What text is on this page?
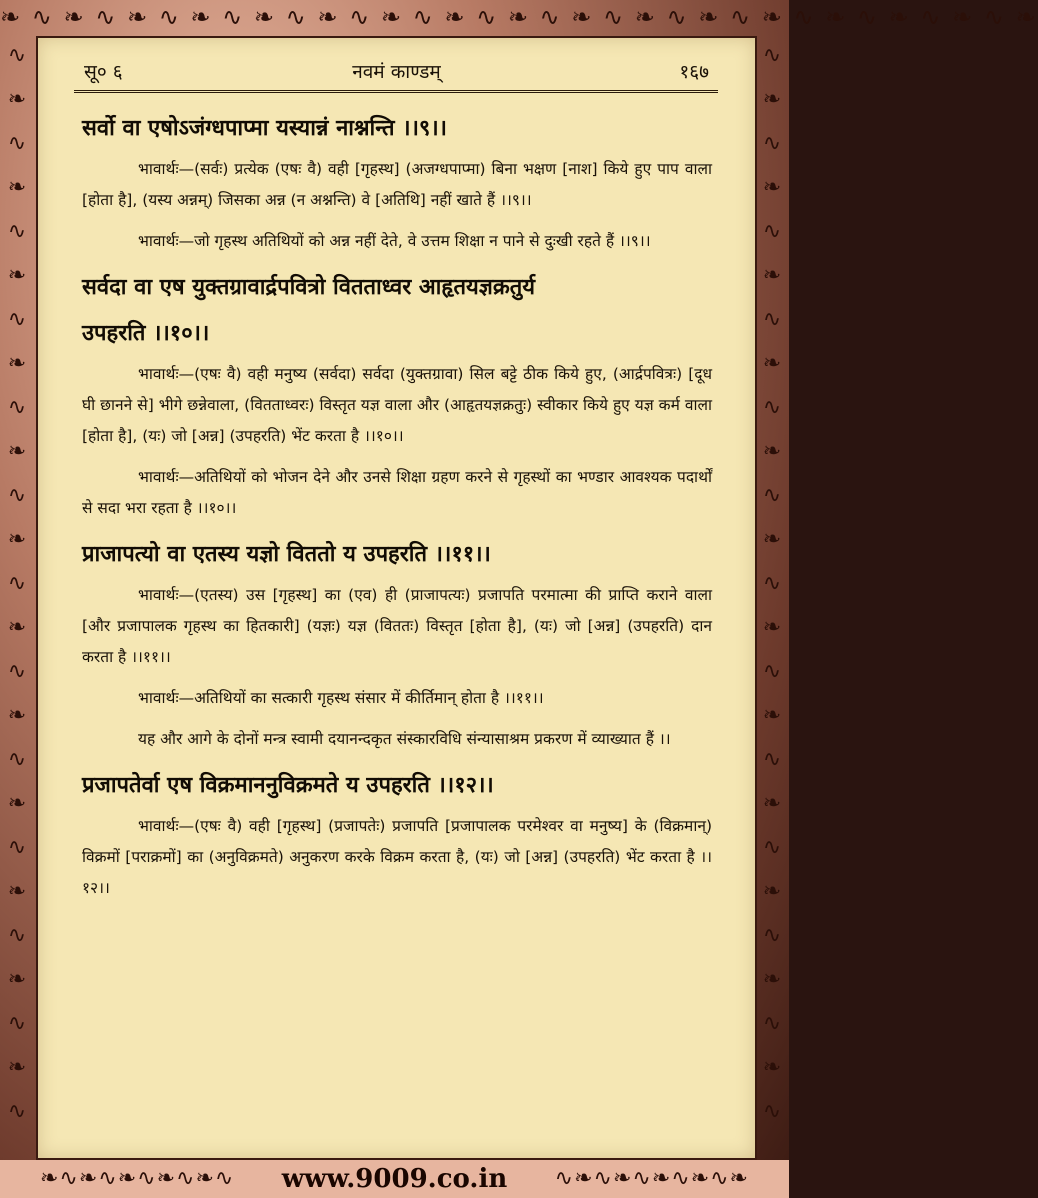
❧ ∿ ❧ ∿ ❧ ∿ ❧ ∿ ❧ ∿ ❧ ∿ ❧ ∿ ❧ ∿ ❧ ∿ ❧ ∿ ❧ ∿ ❧ ∿ ❧ ∿ ❧ ∿ ❧ ∿ ❧ ∿ ❧
∿
❧
∿
❧
∿
❧
∿
❧
∿
❧
∿
❧
∿
❧
∿
❧
∿
❧
∿
❧
∿
❧
∿
❧
∿
∿
❧
∿
❧
∿
❧
∿
❧
∿
❧
∿
❧
∿
❧
∿
❧
∿
❧
∿
❧
∿
❧
∿
❧
∿
सू० ६	नवमं काण्डम्	१६७
सर्वो वा एषोऽजंग्धपाप्मा यस्यान्नं नाश्नन्ति ।।९।।

भावार्थः—(सर्वः) प्रत्येक (एषः वै) वही [गृहस्थ] (अजग्धपाप्मा) बिना भक्षण [नाश] किये हुए पाप वाला [होता है], (यस्य अन्नम्) जिसका अन्न (न अश्नन्ति) वे [अतिथि] नहीं खाते हैं ।।९।।

भावार्थः—जो गृहस्थ अतिथियों को अन्न नहीं देते, वे उत्तम शिक्षा न पाने से दुःखी रहते हैं ।।९।।

सर्वदा वा एष युक्तग्रावार्द्रपवित्रो वितताध्वर आहृतयज्ञक्रतुर्य
उपहरति ।।१०।।

भावार्थः—(एषः वै) वही मनुष्य (सर्वदा) सर्वदा (युक्तग्रावा) सिल बट्टे ठीक किये हुए, (आर्द्रपवित्रः) [दूध घी छानने से] भीगे छन्नेवाला, (वितताध्वरः) विस्तृत यज्ञ वाला और (आहृतयज्ञक्रतुः) स्वीकार किये हुए यज्ञ कर्म वाला [होता है], (यः) जो [अन्न] (उपहरति) भेंट करता है ।।१०।।

भावार्थः—अतिथियों को भोजन देने और उनसे शिक्षा ग्रहण करने से गृहस्थों का भण्डार आवश्यक पदार्थों से सदा भरा रहता है ।।१०।।

प्राजापत्यो वा एतस्य यज्ञो विततो य उपहरति ।।११।।

भावार्थः—(एतस्य) उस [गृहस्थ] का (एव) ही (प्राजापत्यः) प्रजापति परमात्मा की प्राप्ति कराने वाला [और प्रजापालक गृहस्थ का हितकारी] (यज्ञः) यज्ञ (विततः) विस्तृत [होता है], (यः) जो [अन्न] (उपहरति) दान करता है ।।११।।

भावार्थः—अतिथियों का सत्कारी गृहस्थ संसार में कीर्तिमान् होता है ।।११।।

यह और आगे के दोनों मन्त्र स्वामी दयानन्दकृत संस्कारविधि संन्यासाश्रम प्रकरण में व्याख्यात हैं ।।

प्रजापतेर्वा एष विक्रमाननुविक्रमते य उपहरति ।।१२।।

भावार्थः—(एषः वै) वही [गृहस्थ] (प्रजापतेः) प्रजापति [प्रजापालक परमेश्वर वा मनुष्य] के (विक्रमान्) विक्रमों [पराक्रमों] का (अनुविक्रमते) अनुकरण करके विक्रम करता है, (यः) जो [अन्न] (उपहरति) भेंट करता है ।।१२।।

❧∿❧∿❧∿❧∿❧∿	www.9009.co.in	∿❧∿❧∿❧∿❧∿❧
